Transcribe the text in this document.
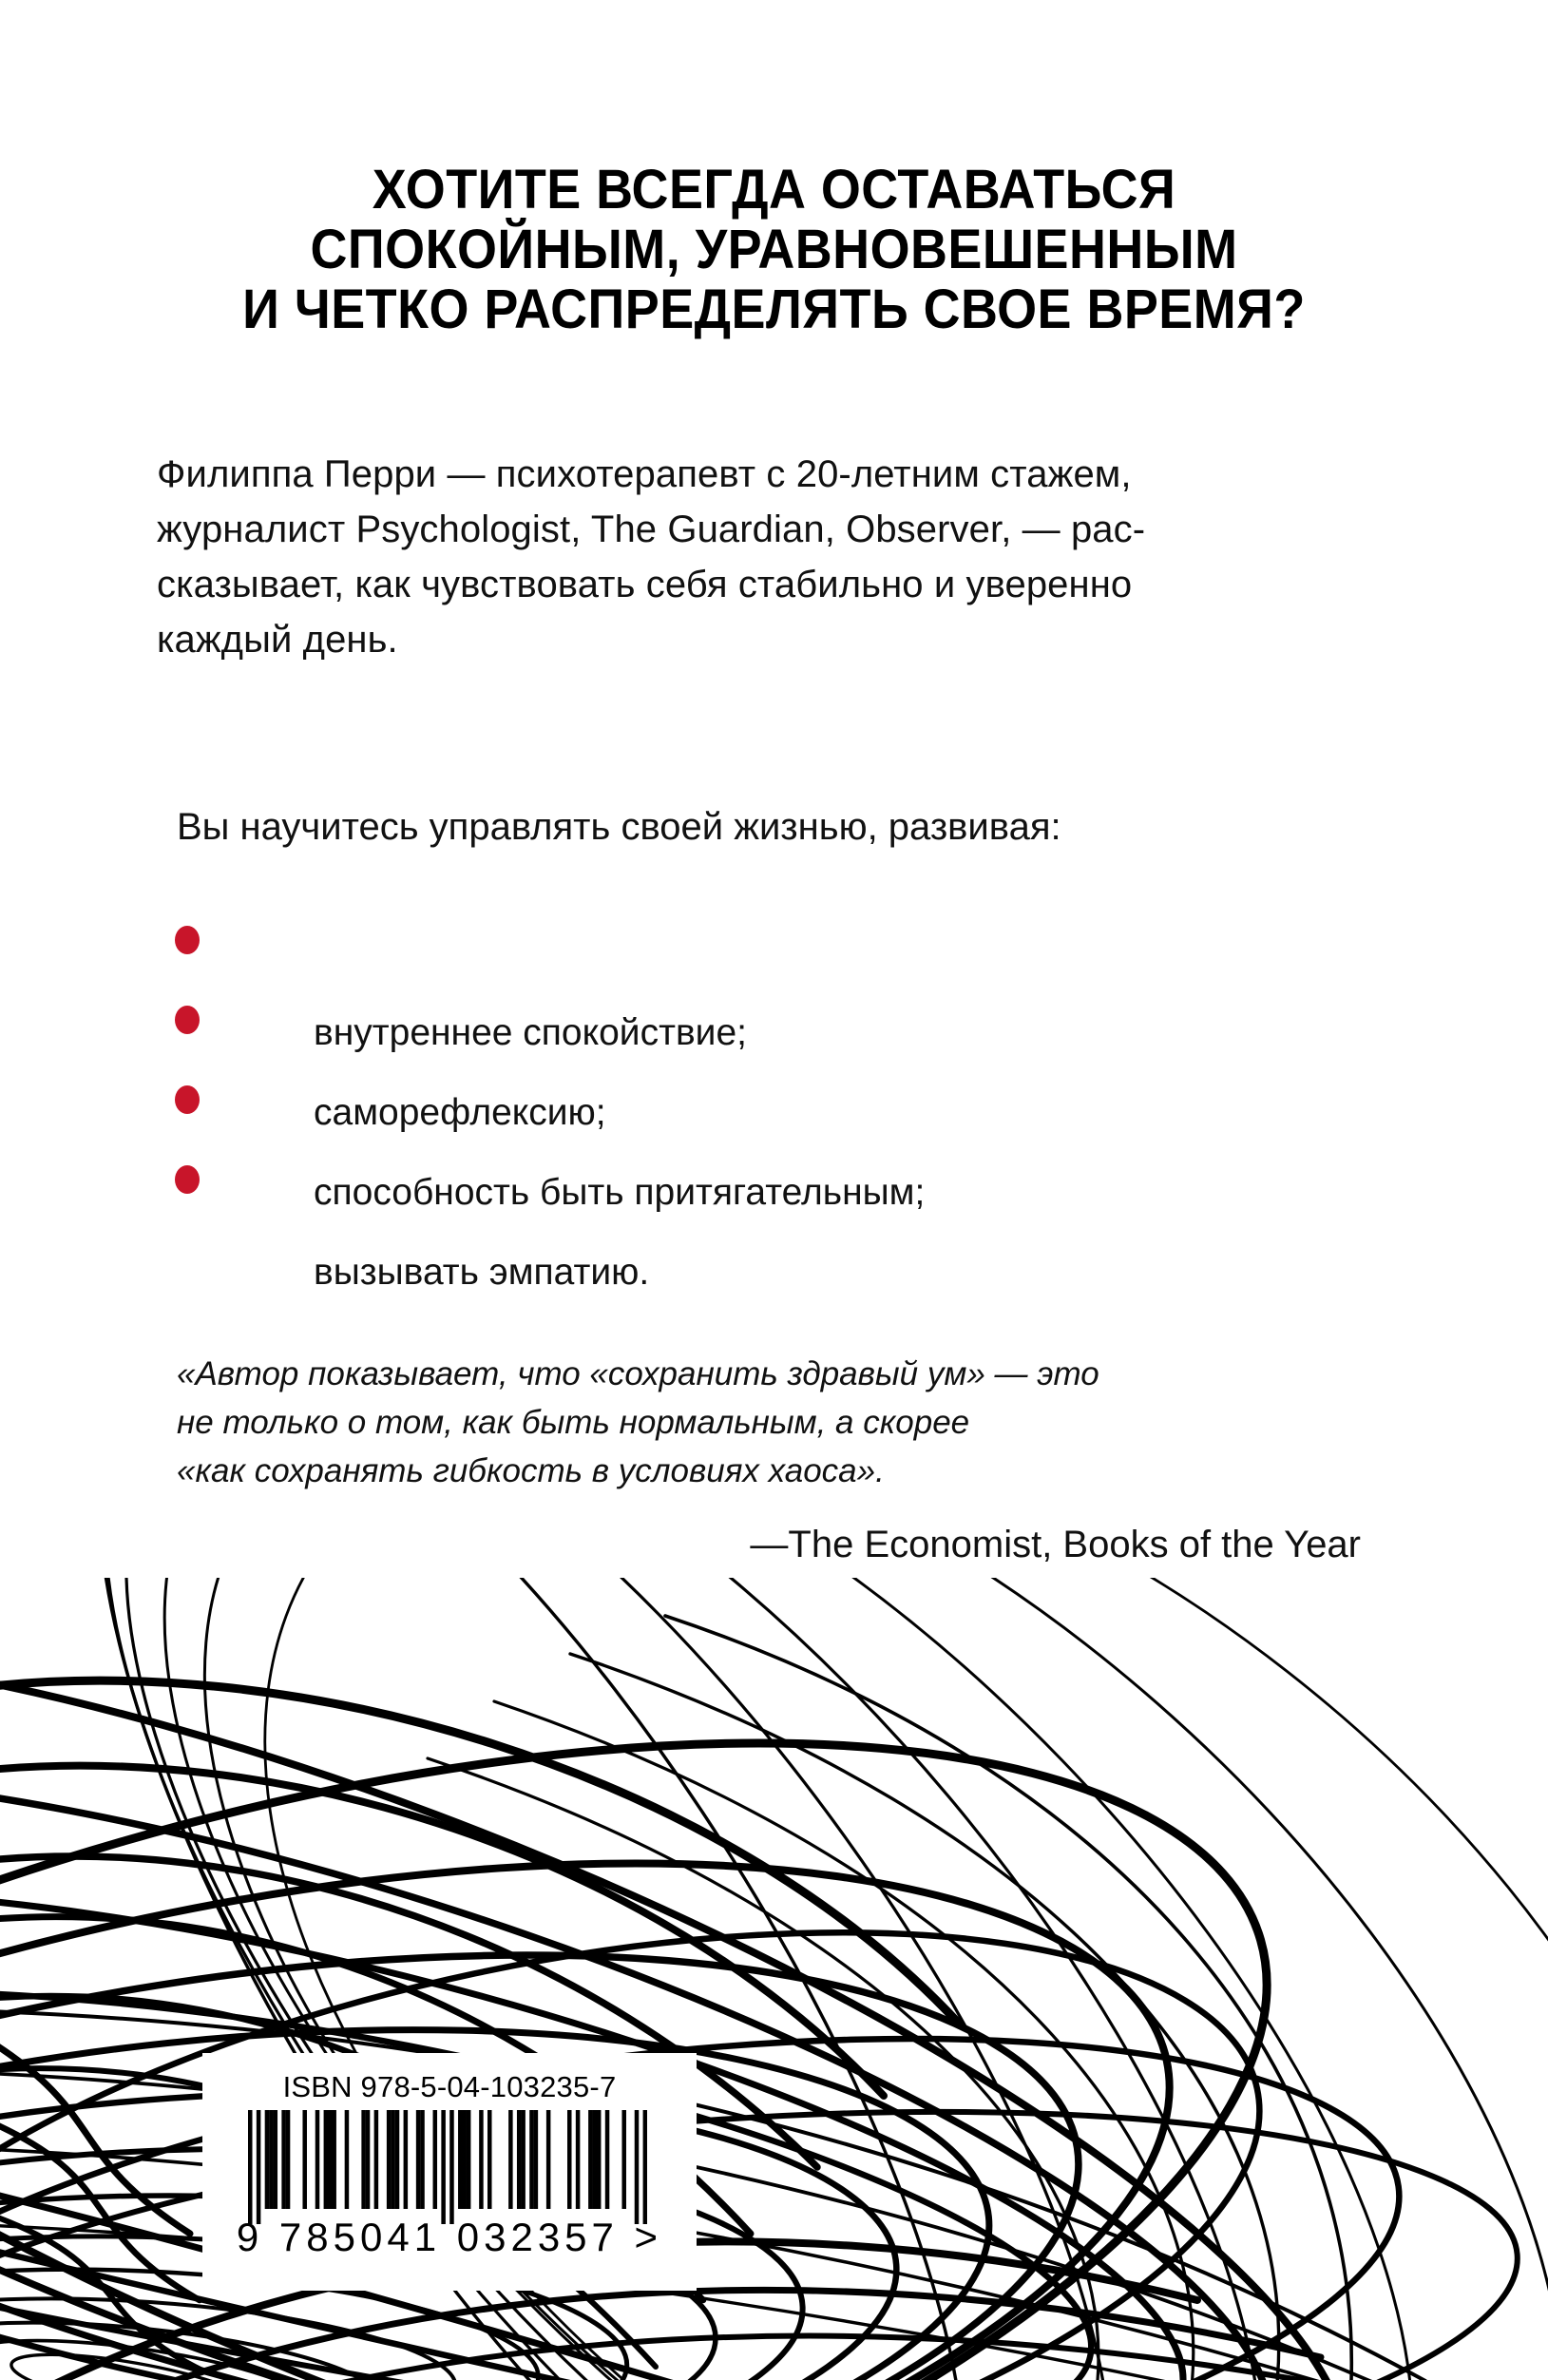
ХОТИТЕ ВСЕГДА ОСТАВАТЬСЯ
СПОКОЙНЫМ, УРАВНОВЕШЕННЫМ
И ЧЕТКО РАСПРЕДЕЛЯТЬ СВОЕ ВРЕМЯ?
Филиппа Перри — психотерапевт с 20-летним стажем,
журналист Psychologist, The Guardian, Observer, — рас-
сказывает, как чувствовать себя стабильно и уверенно
каждый день.
Вы научитесь управлять своей жизнью, развивая:

внутреннее спокойствие;

саморефлексию;

способность быть притягательным;

вызывать эмпатию.

«Автор показывает, что «сохранить здравый ум» — это
не только о том, как быть нормальным, а скорее
«как сохранять гибкость в условиях хаоса».
—The Economist, Books of the Year
ISBN 978-5-04-103235-7
9 785041 032357 >
